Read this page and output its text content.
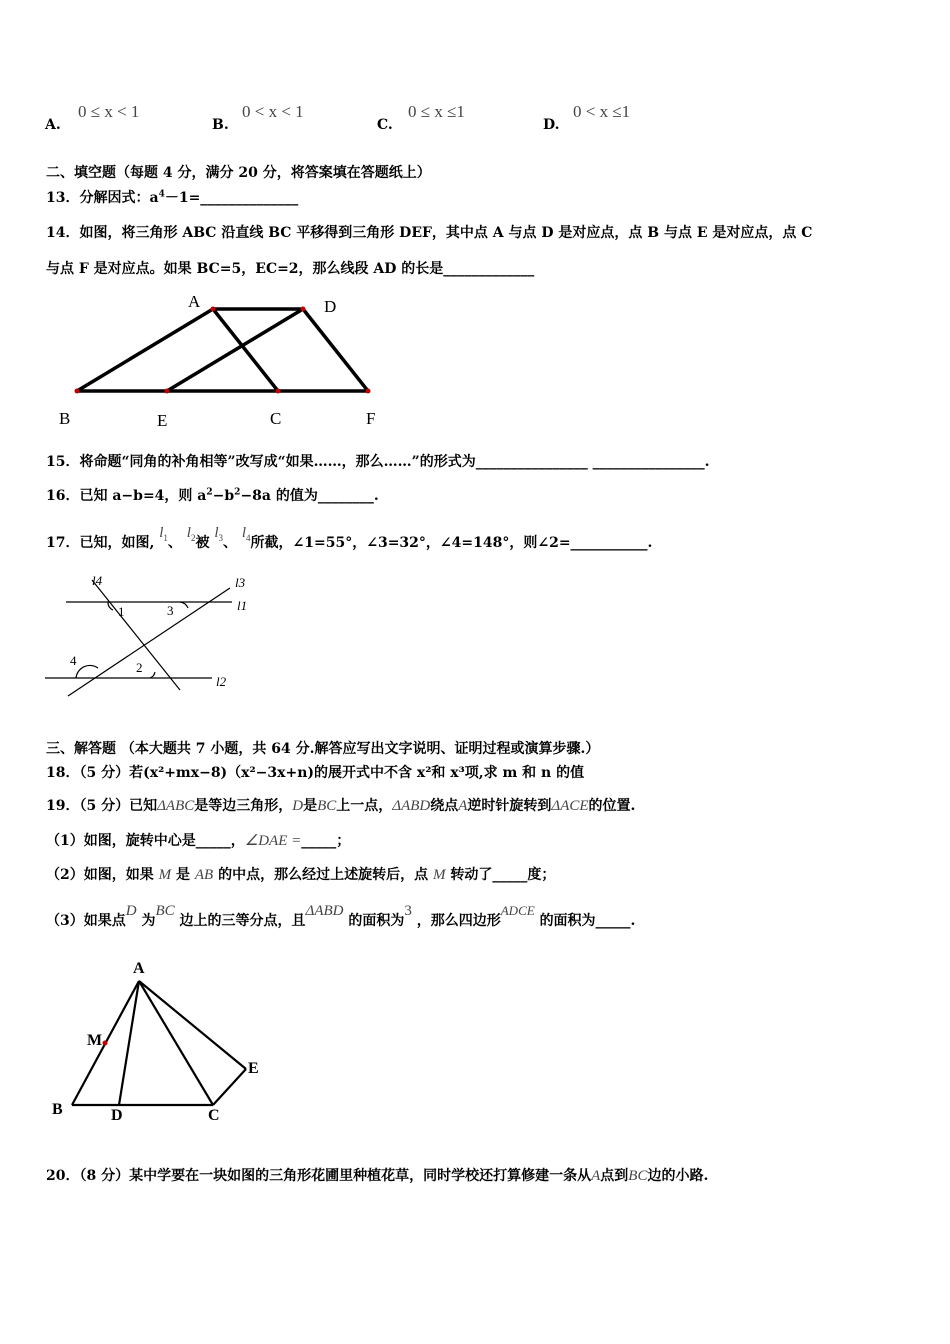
A.
0 ≤ x < 1
B.
0 < x < 1
C.
0 ≤ x ≤1
D.
0 < x ≤1
二、填空题（每题 4 分，满分 20 分，将答案填在答题纸上）
13．分解因式：$a^4-1=\_\_\_\_\_\_\_\_\_\_\_\_\_\_$
14．如图，将三角形 ABC 沿直线 BC 平移得到三角形 DEF，其中点 A 与点 D 是对应点，点 B 与点 E 是对应点，点 C
与点 F 是对应点。如果 BC=5，EC=2，那么线段 AD 的长是_____________
A	D
B	E	C	F
15．将命题“同角的补角相等”改写成“如果……，那么……”的形式为________________ ________________.
16．已知 a−b=4，则 $a^2-b^2-8a$ 的值为________.
17．已知，如图, $l^1$、 $l^2$被 $l^3$、 $l^4$所截，∠1=55°，∠3=32°，∠4=148°，则∠2=___________.
l4	l3
l1
l2
1	3
4	2
三、解答题 （本大题共 7 小题，共 64 分.解答应写出文字说明、证明过程或演算步骤.）
18．（5 分）若(x²+mx−8)（x²−3x+n)的展开式中不含 x²和 x³项,求 m 和 n 的值
19．（5 分）已知ΔABC是等边三角形，D是BC上一点，ΔABD绕点A逆时针旋转到ΔACE的位置.
（1）如图，旋转中心是_____，∠DAE =_____；
（2）如图，如果 M 是 AB 的中点，那么经过上述旋转后，点 M 转动了_____度；
（3）如果点D 为BC 边上的三等分点，且ΔABD 的面积为3 ，那么四边形ADCE 的面积为_____.
A
M
B	D	C
E
20．（8 分）某中学要在一块如图的三角形花圃里种植花草，同时学校还打算修建一条从A点到BC边的小路.
